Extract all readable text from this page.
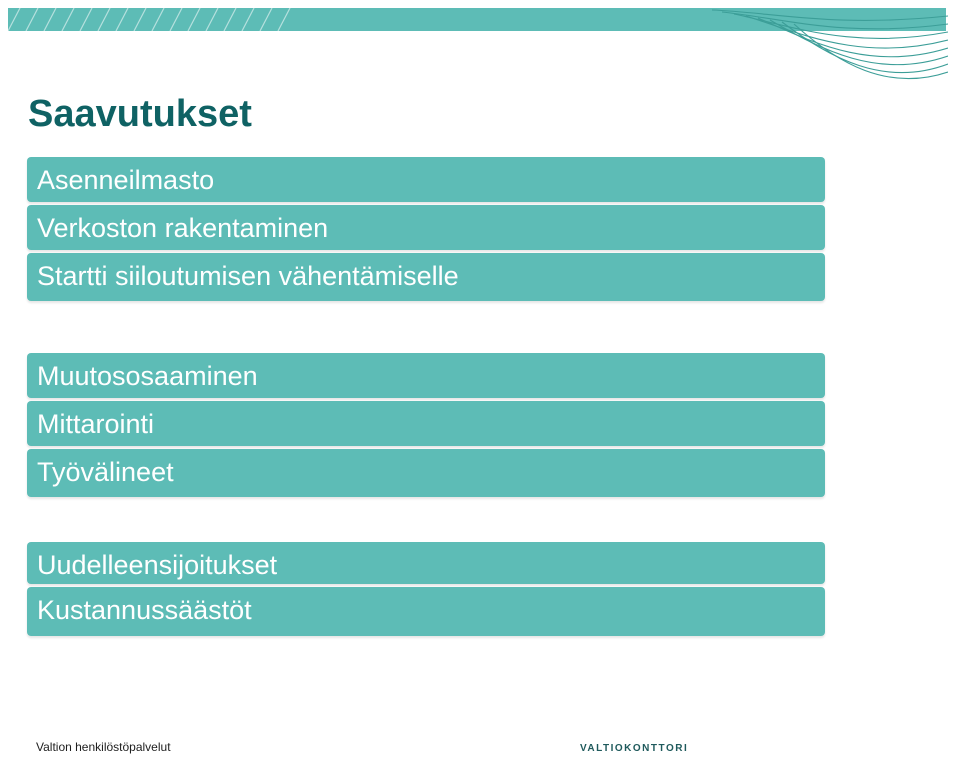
Saavutukset
Asenneilmasto
Verkoston rakentaminen
Startti siiloutumisen vähentämiselle
Muutososaaminen
Mittarointi
Työvälineet
Uudelleensijoitukset
Kustannussäästöt
Valtion henkilöstöpalvelut	VALTIOKONTTORI
